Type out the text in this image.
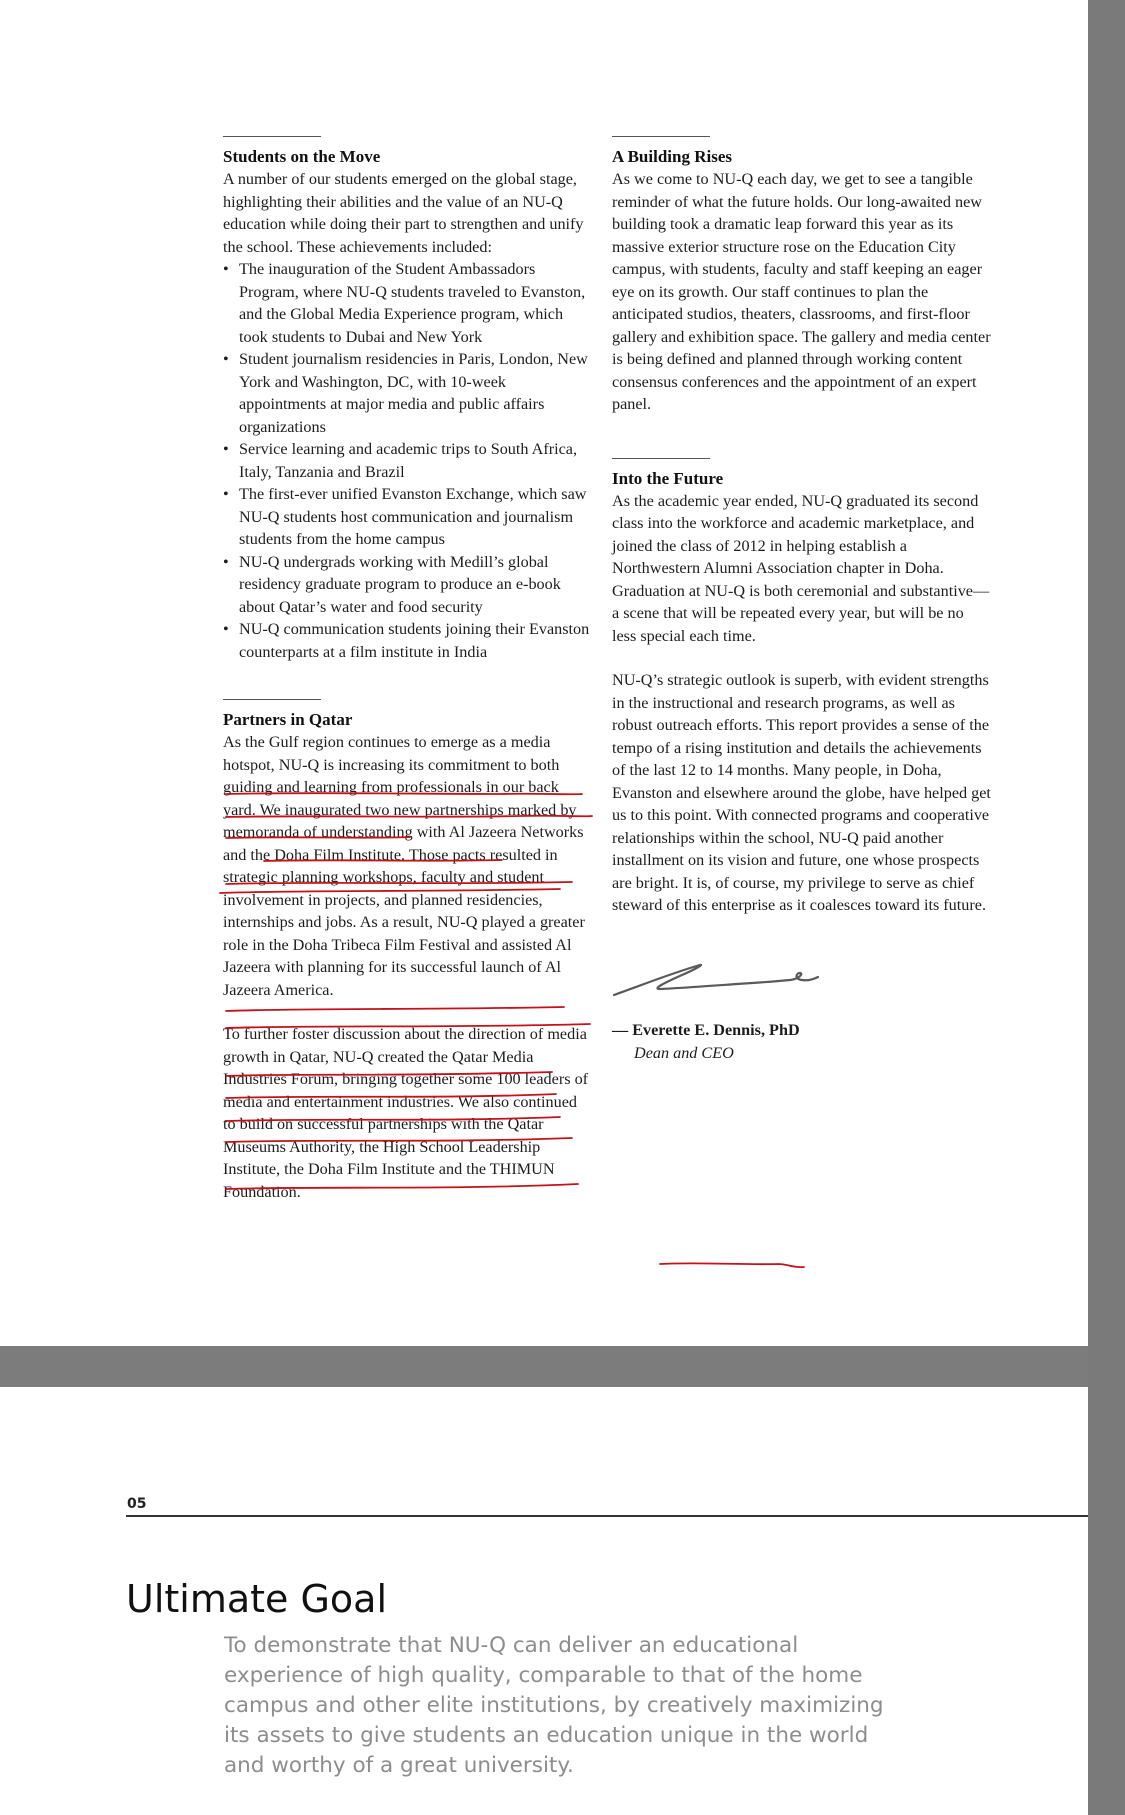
Students on the Move

A number of our students emerged on the global stage, highlighting their abilities and the value of an NU-Q education while doing their part to strengthen and unify the school. These achievements included:

• The inauguration of the Student Ambassadors Program, where NU-Q students traveled to Evanston, and the Global Media Experience program, which took students to Dubai and New York
• Student journalism residencies in Paris, London, New York and Washington, DC, with 10-week appointments at major media and public affairs organizations
• Service learning and academic trips to South Africa, Italy, Tanzania and Brazil
• The first-ever unified Evanston Exchange, which saw NU-Q students host communication and journalism students from the home campus
• NU-Q undergrads working with Medill’s global residency graduate program to produce an e-book about Qatar’s water and food security
• NU-Q communication students joining their Evanston counterparts at a film institute in India
Partners in Qatar

As the Gulf region continues to emerge as a media hotspot, NU-Q is increasing its commitment to both guiding and learning from professionals in our back yard. We inaugurated two new partnerships marked by memoranda of understanding with Al Jazeera Networks and the Doha Film Institute. Those pacts resulted in strategic planning workshops, faculty and student involvement in projects, and planned residencies, internships and jobs. As a result, NU-Q played a greater role in the Doha Tribeca Film Festival and assisted Al Jazeera with planning for its successful launch of Al Jazeera America.

To further foster discussion about the direction of media growth in Qatar, NU-Q created the Qatar Media Industries Forum, bringing together some 100 leaders of media and entertainment industries. We also continued to build on successful partnerships with the Qatar Museums Authority, the High School Leadership Institute, the Doha Film Institute and the THIMUN Foundation.

A Building Rises

As we come to NU-Q each day, we get to see a tangible reminder of what the future holds. Our long-awaited new building took a dramatic leap forward this year as its massive exterior structure rose on the Education City campus, with students, faculty and staff keeping an eager eye on its growth. Our staff continues to plan the anticipated studios, theaters, classrooms, and first-floor gallery and exhibition space. The gallery and media center is being defined and planned through working content consensus conferences and the appointment of an expert panel.

Into the Future

As the academic year ended, NU-Q graduated its second class into the workforce and academic marketplace, and joined the class of 2012 in helping establish a Northwestern Alumni Association chapter in Doha. Graduation at NU-Q is both ceremonial and substantive—a scene that will be repeated every year, but will be no less special each time.

NU-Q’s strategic outlook is superb, with evident strengths in the instructional and research programs, as well as robust outreach efforts. This report provides a sense of the tempo of a rising institution and details the achievements of the last 12 to 14 months. Many people, in Doha, Evanston and elsewhere around the globe, have helped get us to this point. With connected programs and cooperative relationships within the school, NU-Q paid another installment on its vision and future, one whose prospects are bright. It is, of course, my privilege to serve as chief steward of this enterprise as it coalesces toward its future.

— Everette E. Dennis, PhD
Dean and CEO
05
Ultimate Goal
To demonstrate that NU-Q can deliver an educational experience of high quality, comparable to that of the home campus and other elite institutions, by creatively maximizing its assets to give students an education unique in the world and worthy of a great university.
